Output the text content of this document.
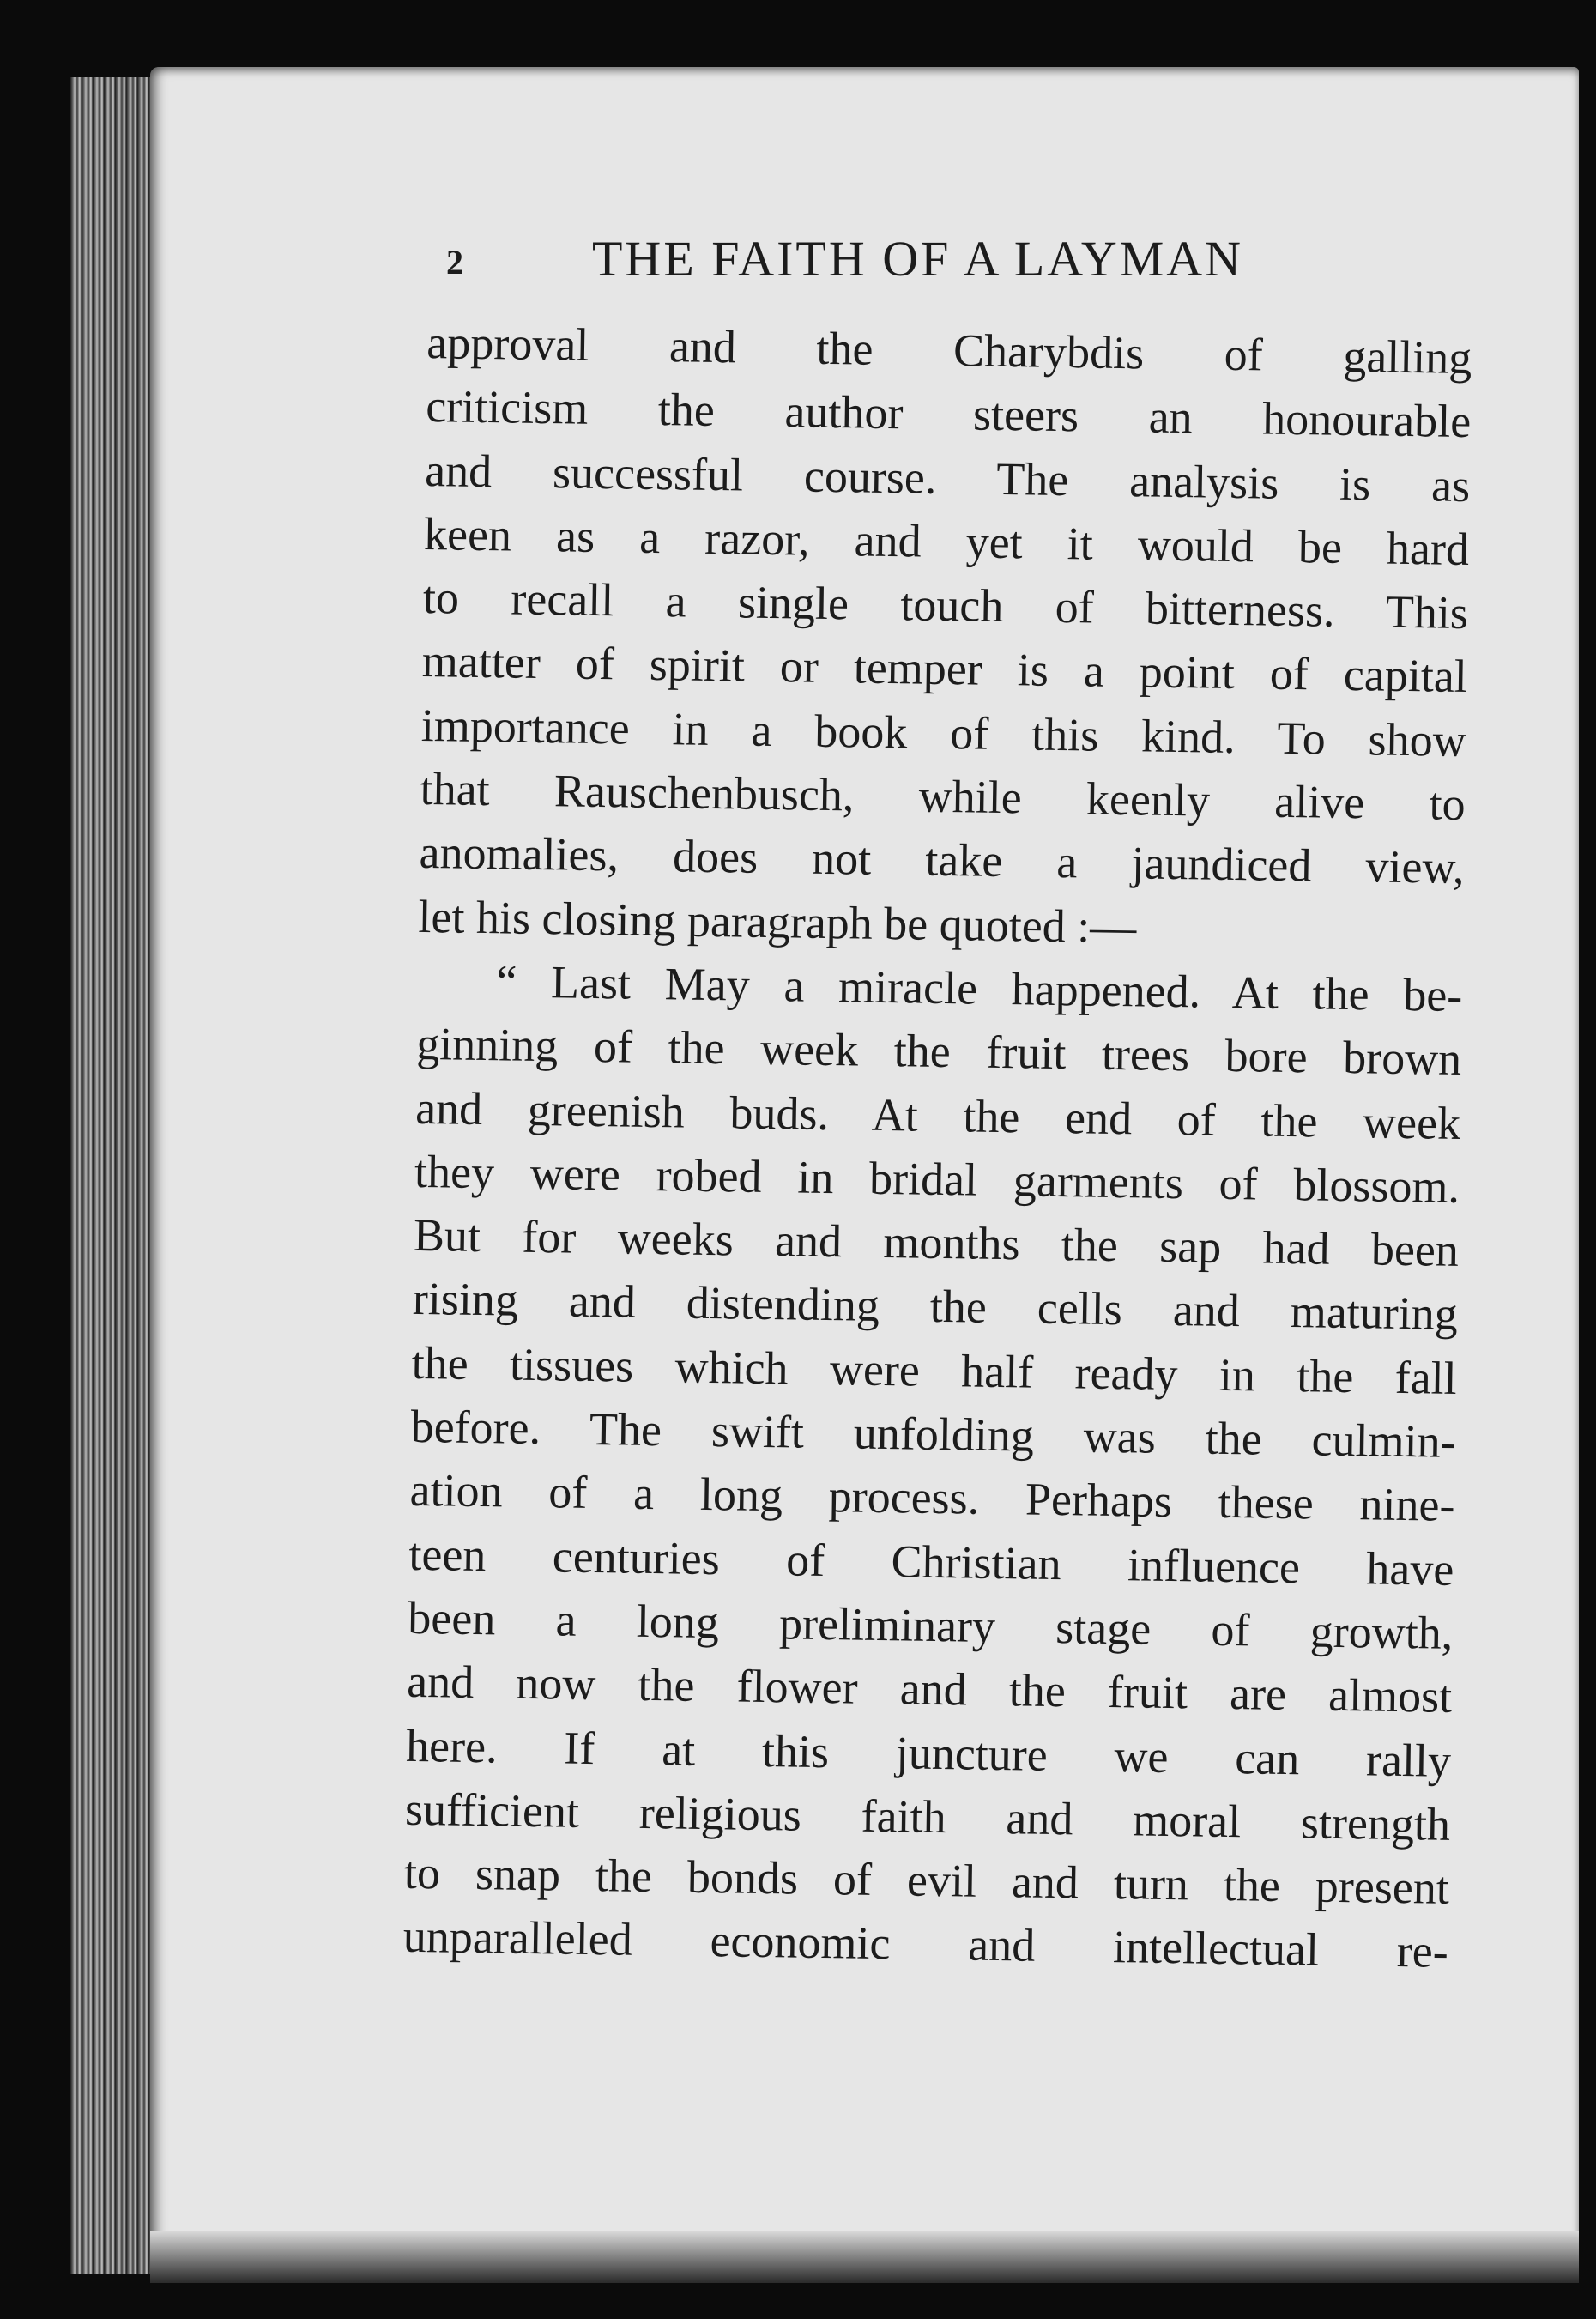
2	THE FAITH OF A LAYMAN
approval and the Charybdis of galling
criticism the author steers an honourable
and successful course. The analysis is as
keen as a razor, and yet it would be hard
to recall a single touch of bitterness. This
matter of spirit or temper is a point of capital
importance in a book of this kind. To show
that Rauschenbusch, while keenly alive to
anomalies, does not take a jaundiced view,
let his closing paragraph be quoted :—
“ Last May a miracle happened. At the be-
ginning of the week the fruit trees bore brown
and greenish buds. At the end of the week
they were robed in bridal garments of blossom.
But for weeks and months the sap had been
rising and distending the cells and maturing
the tissues which were half ready in the fall
before. The swift unfolding was the culmin-
ation of a long process. Perhaps these nine-
teen centuries of Christian influence have
been a long preliminary stage of growth,
and now the flower and the fruit are almost
here. If at this juncture we can rally
sufficient religious faith and moral strength
to snap the bonds of evil and turn the present
unparalleled economic and intellectual re-
